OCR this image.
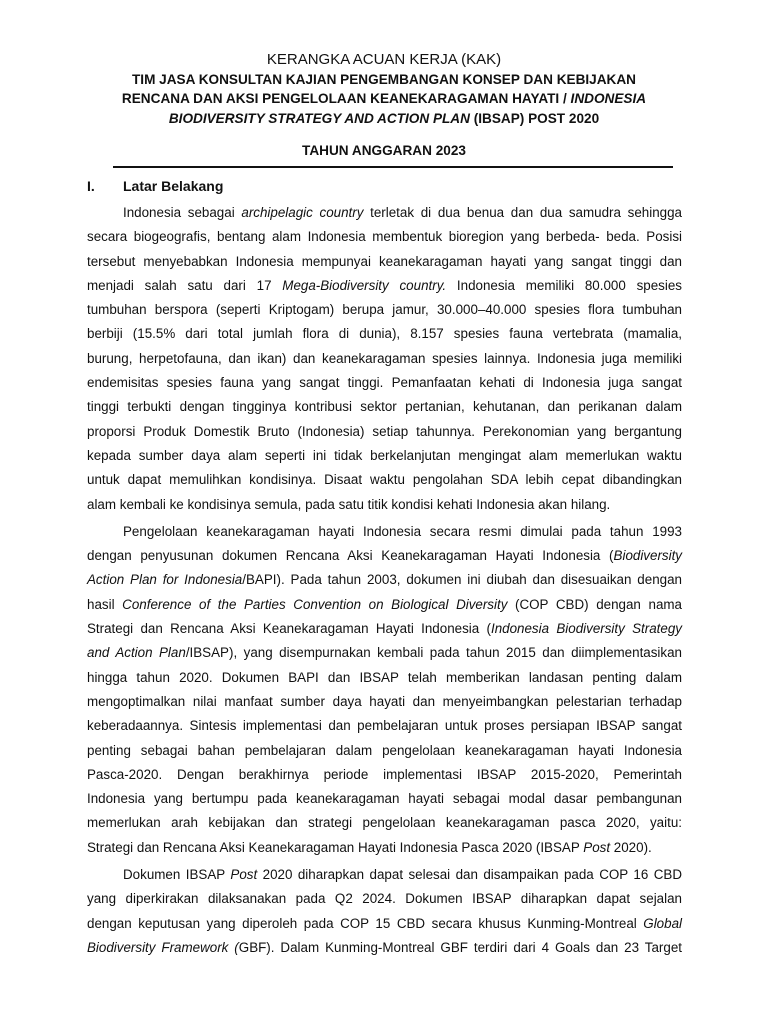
KERANGKA ACUAN KERJA (KAK)
TIM JASA KONSULTAN KAJIAN PENGEMBANGAN KONSEP DAN KEBIJAKAN
RENCANA DAN AKSI PENGELOLAAN KEANEKARAGAMAN HAYATI / INDONESIA
BIODIVERSITY STRATEGY AND ACTION PLAN (IBSAP) POST 2020
TAHUN ANGGARAN 2023
I. Latar Belakang
Indonesia sebagai archipelagic country terletak di dua benua dan dua samudra sehingga
secara biogeografis, bentang alam Indonesia membentuk bioregion yang berbeda- beda. Posisi
tersebut menyebabkan Indonesia mempunyai keanekaragaman hayati yang sangat tinggi dan
menjadi salah satu dari 17 Mega-Biodiversity country. Indonesia memiliki 80.000 spesies
tumbuhan berspora (seperti Kriptogam) berupa jamur, 30.000–40.000 spesies flora tumbuhan
berbiji (15.5% dari total jumlah flora di dunia), 8.157 spesies fauna vertebrata (mamalia,
burung, herpetofauna, dan ikan) dan keanekaragaman spesies lainnya. Indonesia juga memiliki
endemisitas spesies fauna yang sangat tinggi. Pemanfaatan kehati di Indonesia juga sangat
tinggi terbukti dengan tingginya kontribusi sektor pertanian, kehutanan, dan perikanan dalam
proporsi Produk Domestik Bruto (Indonesia) setiap tahunnya. Perekonomian yang bergantung
kepada sumber daya alam seperti ini tidak berkelanjutan mengingat alam memerlukan waktu
untuk dapat memulihkan kondisinya. Disaat waktu pengolahan SDA lebih cepat dibandingkan
alam kembali ke kondisinya semula, pada satu titik kondisi kehati Indonesia akan hilang.
Pengelolaan keanekaragaman hayati Indonesia secara resmi dimulai pada tahun 1993
dengan penyusunan dokumen Rencana Aksi Keanekaragaman Hayati Indonesia (Biodiversity
Action Plan for Indonesia/BAPI). Pada tahun 2003, dokumen ini diubah dan disesuaikan dengan
hasil Conference of the Parties Convention on Biological Diversity (COP CBD) dengan nama
Strategi dan Rencana Aksi Keanekaragaman Hayati Indonesia (Indonesia Biodiversity Strategy
and Action Plan/IBSAP), yang disempurnakan kembali pada tahun 2015 dan diimplementasikan
hingga tahun 2020. Dokumen BAPI dan IBSAP telah memberikan landasan penting dalam
mengoptimalkan nilai manfaat sumber daya hayati dan menyeimbangkan pelestarian terhadap
keberadaannya. Sintesis implementasi dan pembelajaran untuk proses persiapan IBSAP sangat
penting sebagai bahan pembelajaran dalam pengelolaan keanekaragaman hayati Indonesia
Pasca-2020. Dengan berakhirnya periode implementasi IBSAP 2015-2020, Pemerintah
Indonesia yang bertumpu pada keanekaragaman hayati sebagai modal dasar pembangunan
memerlukan arah kebijakan dan strategi pengelolaan keanekaragaman pasca 2020, yaitu:
Strategi dan Rencana Aksi Keanekaragaman Hayati Indonesia Pasca 2020 (IBSAP Post 2020).
Dokumen IBSAP Post 2020 diharapkan dapat selesai dan disampaikan pada COP 16 CBD
yang diperkirakan dilaksanakan pada Q2 2024. Dokumen IBSAP diharapkan dapat sejalan
dengan keputusan yang diperoleh pada COP 15 CBD secara khusus Kunming-Montreal Global
Biodiversity Framework (GBF). Dalam Kunming-Montreal GBF terdiri dari 4 Goals dan 23 Target
